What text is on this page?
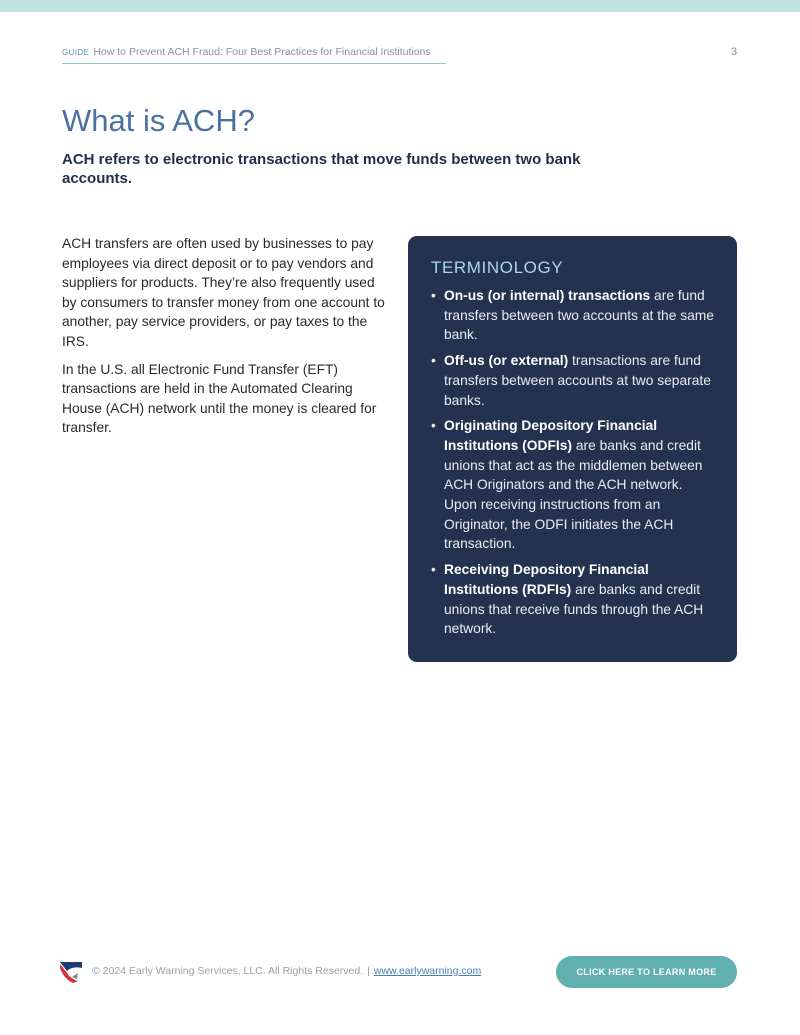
GUIDE How to Prevent ACH Fraud: Four Best Practices for Financial Institutions	3
What is ACH?

ACH refers to electronic transactions that move funds between two bank accounts.

ACH transfers are often used by businesses to pay employees via direct deposit or to pay vendors and suppliers for products. They’re also frequently used by consumers to transfer money from one account to another, pay service providers, or pay taxes to the IRS.

In the U.S. all Electronic Fund Transfer (EFT) transactions are held in the Automated Clearing House (ACH) network until the money is cleared for transfer.

TERMINOLOGY
• On-us (or internal) transactions are fund transfers between two accounts at the same bank.
• Off-us (or external) transactions are fund transfers between accounts at two separate banks.
• Originating Depository Financial Institutions (ODFIs) are banks and credit unions that act as the middlemen between ACH Originators and the ACH network. Upon receiving instructions from an Originator, the ODFI initiates the ACH transaction.
• Receiving Depository Financial Institutions (RDFIs) are banks and credit unions that receive funds through the ACH network.
© 2024 Early Warning Services, LLC. All Rights Reserved. | www.earlywarning.com	CLICK HERE TO LEARN MORE
